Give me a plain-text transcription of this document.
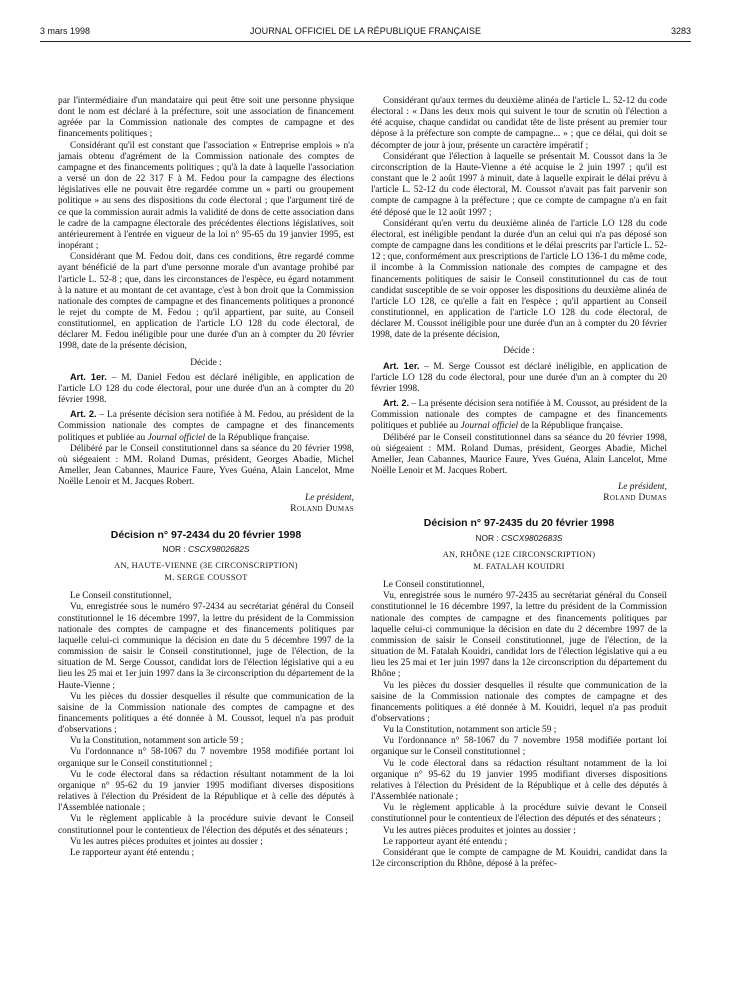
3 mars 1998	JOURNAL OFFICIEL DE LA RÉPUBLIQUE FRANÇAISE	3283

par l'intermédiaire d'un mandataire qui peut être soit une personne physique dont le nom est déclaré à la préfecture, soit une association de financement agréée par la Commission nationale des comptes de campagne et des financements politiques ;

Considérant qu'il est constant que l'association « Entreprise emplois » n'a jamais obtenu d'agrément de la Commission nationale des comptes de campagne et des financements politiques ; qu'à la date à laquelle l'association a versé un don de 22 317 F à M. Fedou pour la campagne des élections législatives elle ne pouvait être regardée comme un « parti ou groupement politique » au sens des dispositions du code électoral ; que l'argument tiré de ce que la commission aurait admis la validité de dons de cette association dans le cadre de la campagne électorale des précédentes élections législatives, soit antérieurement à l'entrée en vigueur de la loi n° 95-65 du 19 janvier 1995, est inopérant ;

Considérant que M. Fedou doit, dans ces conditions, être regardé comme ayant bénéficié de la part d'une personne morale d'un avantage prohibé par l'article L. 52-8 ; que, dans les circonstances de l'espèce, eu égard notamment à la nature et au montant de cet avantage, c'est à bon droit que la Commission nationale des comptes de campagne et des financements politiques a prononcé le rejet du compte de M. Fedou ; qu'il appartient, par suite, au Conseil constitutionnel, en application de l'article LO 128 du code électoral, de déclarer M. Fedou inéligible pour une durée d'un an à compter du 20 février 1998, date de la présente décision,

Décide :

Art. 1er. – M. Daniel Fedou est déclaré inéligible, en application de l'article LO 128 du code électoral, pour une durée d'un an à compter du 20 février 1998.

Art. 2. – La présente décision sera notifiée à M. Fedou, au président de la Commission nationale des comptes de campagne et des financements politiques et publiée au Journal officiel de la République française.

Délibéré par le Conseil constitutionnel dans sa séance du 20 février 1998, où siégeaient : MM. Roland Dumas, président, Georges Abadie, Michel Ameller, Jean Cabannes, Maurice Faure, Yves Guéna, Alain Lancelot, Mme Noëlle Lenoir et M. Jacques Robert.

Le président,
Roland Dumas
Décision n° 97-2434 du 20 février 1998
NOR : CSCX9802682S
AN, HAUTE-VIENNE (3E CIRCONSCRIPTION)
M. SERGE COUSSOT

Le Conseil constitutionnel,

Vu, enregistrée sous le numéro 97-2434 au secrétariat général du Conseil constitutionnel le 16 décembre 1997, la lettre du président de la Commission nationale des comptes de campagne et des financements politiques par laquelle celui-ci communique la décision en date du 5 décembre 1997 de la commission de saisir le Conseil constitutionnel, juge de l'élection, de la situation de M. Serge Coussot, candidat lors de l'élection législative qui a eu lieu les 25 mai et 1er juin 1997 dans la 3e circonscription du département de la Haute-Vienne ;

Vu les pièces du dossier desquelles il résulte que communication de la saisine de la Commission nationale des comptes de campagne et des financements politiques a été donnée à M. Coussot, lequel n'a pas produit d'observations ;

Vu la Constitution, notamment son article 59 ;

Vu l'ordonnance n° 58-1067 du 7 novembre 1958 modifiée portant loi organique sur le Conseil constitutionnel ;

Vu le code électoral dans sa rédaction résultant notamment de la loi organique n° 95-62 du 19 janvier 1995 modifiant diverses dispositions relatives à l'élection du Président de la République et à celle des députés à l'Assemblée nationale ;

Vu le règlement applicable à la procédure suivie devant le Conseil constitutionnel pour le contentieux de l'élection des députés et des sénateurs ;

Vu les autres pièces produites et jointes au dossier ;

Le rapporteur ayant été entendu ;

Considérant qu'aux termes du deuxième alinéa de l'article L. 52-12 du code électoral : « Dans les deux mois qui suivent le tour de scrutin où l'élection a été acquise, chaque candidat ou candidat tête de liste présent au premier tour dépose à la préfecture son compte de campagne... » ; que ce délai, qui doit se décompter de jour à jour, présente un caractère impératif ;

Considérant que l'élection à laquelle se présentait M. Coussot dans la 3e circonscription de la Haute-Vienne a été acquise le 2 juin 1997 ; qu'il est constant que le 2 août 1997 à minuit, date à laquelle expirait le délai prévu à l'article L. 52-12 du code électoral, M. Coussot n'avait pas fait parvenir son compte de campagne à la préfecture ; que ce compte de campagne n'a en fait été déposé que le 12 août 1997 ;

Considérant qu'en vertu du deuxième alinéa de l'article LO 128 du code électoral, est inéligible pendant la durée d'un an celui qui n'a pas déposé son compte de campagne dans les conditions et le délai prescrits par l'article L. 52-12 ; que, conformément aux prescriptions de l'article LO 136-1 du même code, il incombe à la Commission nationale des comptes de campagne et des financements politiques de saisir le Conseil constitutionnel du cas de tout candidat susceptible de se voir opposer les dispositions du deuxième alinéa de l'article LO 128, ce qu'elle a fait en l'espèce ; qu'il appartient au Conseil constitutionnel, en application de l'article LO 128 du code électoral, de déclarer M. Coussot inéligible pour une durée d'un an à compter du 20 février 1998, date de la présente décision,

Décide :

Art. 1er. – M. Serge Coussot est déclaré inéligible, en application de l'article LO 128 du code électoral, pour une durée d'un an à compter du 20 février 1998.

Art. 2. – La présente décision sera notifiée à M. Coussot, au président de la Commission nationale des comptes de campagne et des financements politiques et publiée au Journal officiel de la République française.

Délibéré par le Conseil constitutionnel dans sa séance du 20 février 1998, où siégeaient : MM. Roland Dumas, président, Georges Abadie, Michel Ameller, Jean Cabannes, Maurice Faure, Yves Guéna, Alain Lancelot, Mme Noëlle Lenoir et M. Jacques Robert.

Le président,
Roland Dumas
Décision n° 97-2435 du 20 février 1998
NOR : CSCX9802683S
AN, RHÔNE (12E CIRCONSCRIPTION)
M. FATALAH KOUIDRI

Le Conseil constitutionnel,

Vu, enregistrée sous le numéro 97-2435 au secrétariat général du Conseil constitutionnel le 16 décembre 1997, la lettre du président de la Commission nationale des comptes de campagne et des financements politiques par laquelle celui-ci communique la décision en date du 2 décembre 1997 de la commission de saisir le Conseil constitutionnel, juge de l'élection, de la situation de M. Fatalah Kouidri, candidat lors de l'élection législative qui a eu lieu les 25 mai et 1er juin 1997 dans la 12e circonscription du département du Rhône ;

Vu les pièces du dossier desquelles il résulte que communication de la saisine de la Commission nationale des comptes de campagne et des financements politiques a été donnée à M. Kouidri, lequel n'a pas produit d'observations ;

Vu la Constitution, notamment son article 59 ;

Vu l'ordonnance n° 58-1067 du 7 novembre 1958 modifiée portant loi organique sur le Conseil constitutionnel ;

Vu le code électoral dans sa rédaction résultant notamment de la loi organique n° 95-62 du 19 janvier 1995 modifiant diverses dispositions relatives à l'élection du Président de la République et à celle des députés à l'Assemblée nationale ;

Vu le règlement applicable à la procédure suivie devant le Conseil constitutionnel pour le contentieux de l'élection des députés et des sénateurs ;

Vu les autres pièces produites et jointes au dossier ;

Le rapporteur ayant été entendu ;

Considérant que le compte de campagne de M. Kouidri, candidat dans la 12e circonscription du Rhône, déposé à la préfec-
